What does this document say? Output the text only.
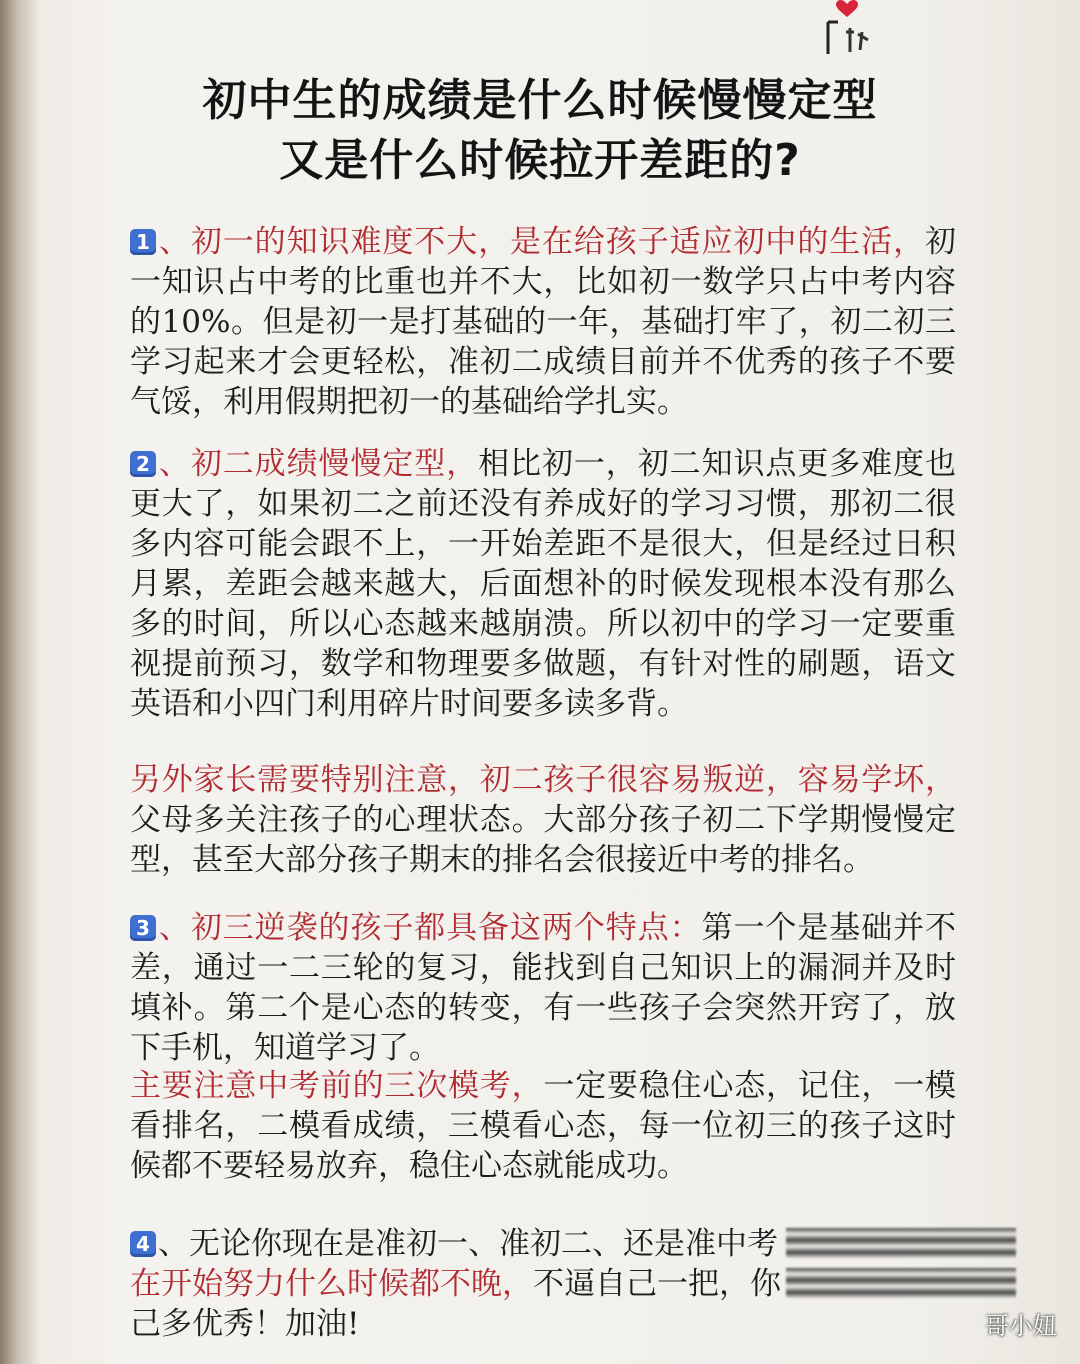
初中生的成绩是什么时候慢慢定型
又是什么时候拉开差距的?
1 、初一的知识难度不大，是在给孩子适应初中的生活，初一知识占中考的比重也并不大，比如初一数学只占中考内容的10%。但是初一是打基础的一年，基础打牢了，初二初三学习起来才会更轻松，准初二成绩目前并不优秀的孩子不要气馁，利用假期把初一的基础给学扎实。
2 、初二成绩慢慢定型，相比初一，初二知识点更多难度也更大了，如果初二之前还没有养成好的学习习惯，那初二很多内容可能会跟不上，一开始差距不是很大，但是经过日积月累，差距会越来越大，后面想补的时候发现根本没有那么多的时间，所以心态越来越崩溃。所以初中的学习一定要重视提前预习，数学和物理要多做题，有针对性的刷题，语文英语和小四门利用碎片时间要多读多背。
另外家长需要特别注意，初二孩子很容易叛逆，容易学坏，父母多关注孩子的心理状态。大部分孩子初二下学期慢慢定型，甚至大部分孩子期末的排名会很接近中考的排名。
3 、初三逆袭的孩子都具备这两个特点：第一个是基础并不差，通过一二三轮的复习，能找到自己知识上的漏洞并及时填补。第二个是心态的转变，有一些孩子会突然开窍了，放下手机，知道学习了。
主要注意中考前的三次模考，一定要稳住心态，记住，一模看排名，二模看成绩，三模看心态，每一位初三的孩子这时候都不要轻易放弃，稳住心态就能成功。
4 、无论你现在是准初一、准初二、还是准中考
在开始努力什么时候都不晚，不逼自己一把，你
己多优秀！加油!	哥小妞
